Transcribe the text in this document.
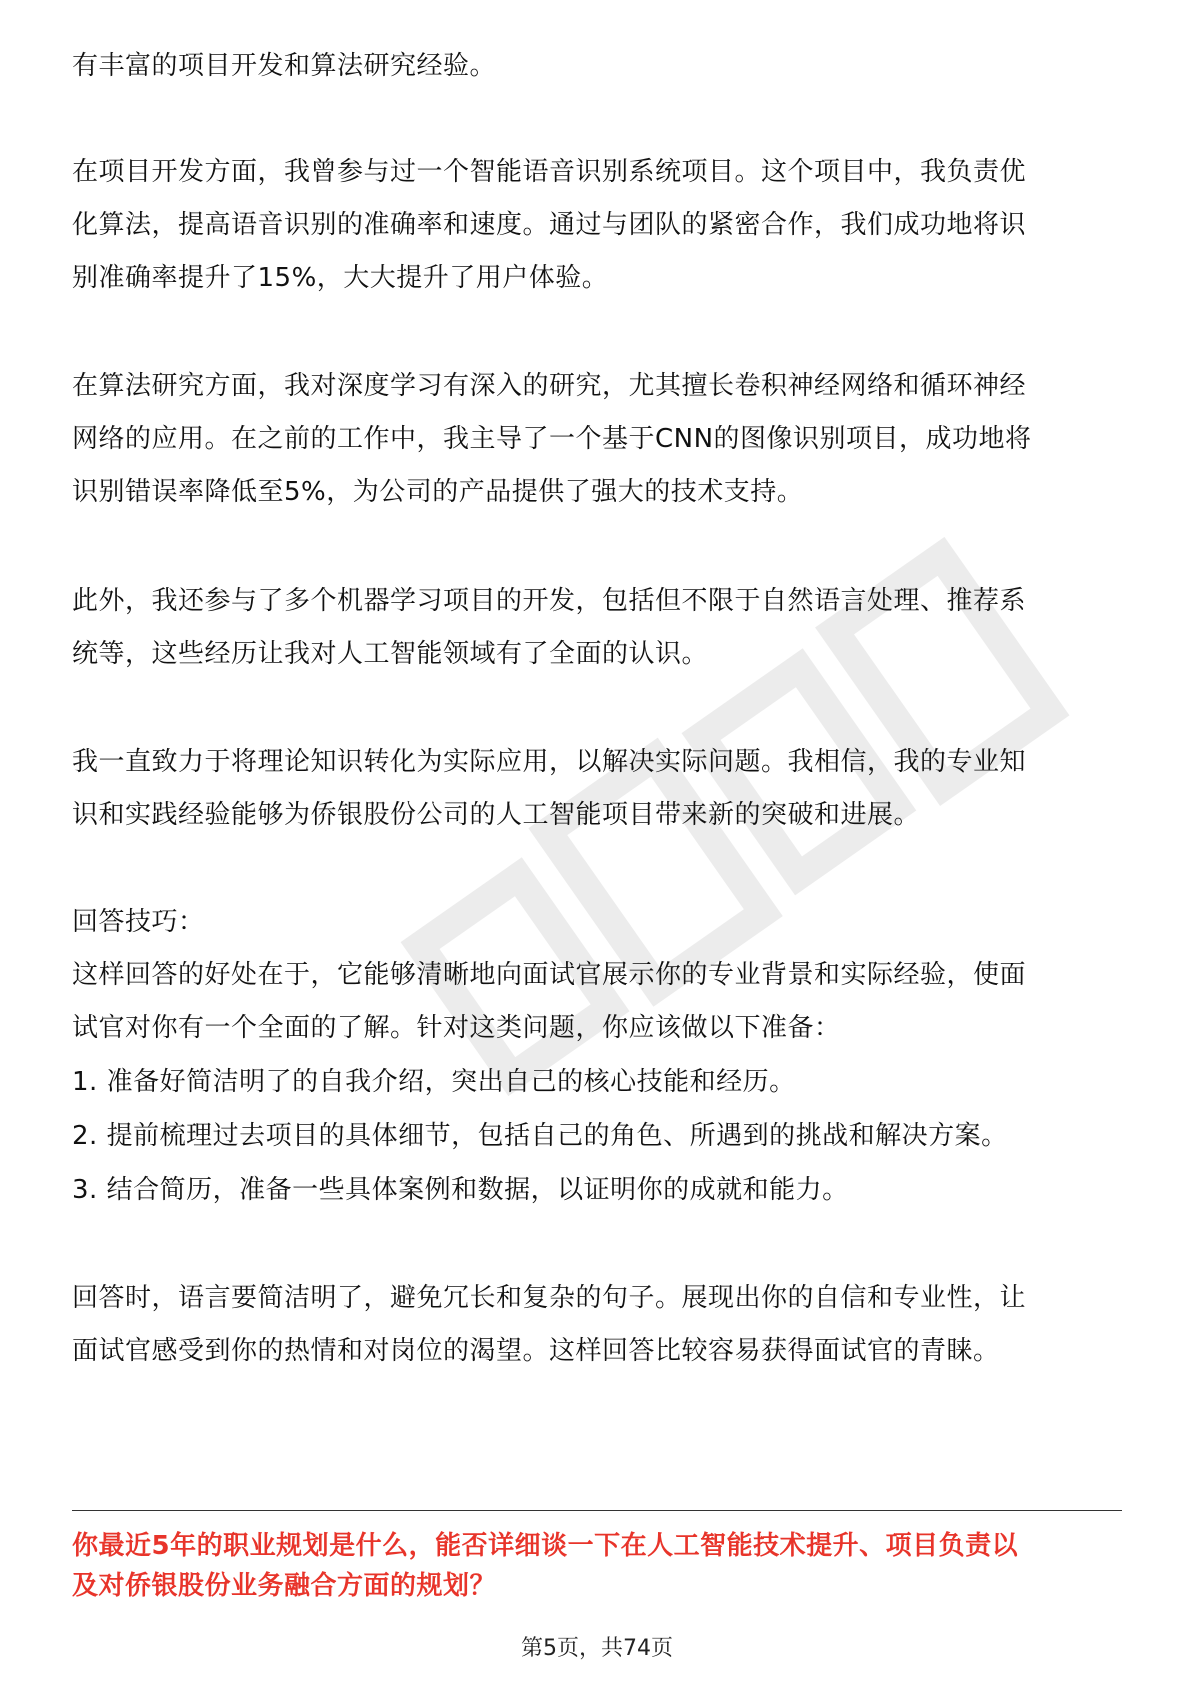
有丰富的项目开发和算法研究经验。
在项目开发方面，我曾参与过一个智能语音识别系统项目。这个项目中，我负责优
化算法，提高语音识别的准确率和速度。通过与团队的紧密合作，我们成功地将识
别准确率提升了15%，大大提升了用户体验。
在算法研究方面，我对深度学习有深入的研究，尤其擅长卷积神经网络和循环神经
网络的应用。在之前的工作中，我主导了一个基于CNN的图像识别项目，成功地将
识别错误率降低至5%，为公司的产品提供了强大的技术支持。
此外，我还参与了多个机器学习项目的开发，包括但不限于自然语言处理、推荐系
统等，这些经历让我对人工智能领域有了全面的认识。
我一直致力于将理论知识转化为实际应用，以解决实际问题。我相信，我的专业知
识和实践经验能够为侨银股份公司的人工智能项目带来新的突破和进展。
回答技巧：
这样回答的好处在于，它能够清晰地向面试官展示你的专业背景和实际经验，使面
试官对你有一个全面的了解。针对这类问题，你应该做以下准备：
1. 准备好简洁明了的自我介绍，突出自己的核心技能和经历。
2. 提前梳理过去项目的具体细节，包括自己的角色、所遇到的挑战和解决方案。
3. 结合简历，准备一些具体案例和数据，以证明你的成就和能力。
回答时，语言要简洁明了，避免冗长和复杂的句子。展现出你的自信和专业性，让
面试官感受到你的热情和对岗位的渴望。这样回答比较容易获得面试官的青睐。
你最近5年的职业规划是什么，能否详细谈一下在人工智能技术提升、项目负责以
及对侨银股份业务融合方面的规划？
第5页，共74页
